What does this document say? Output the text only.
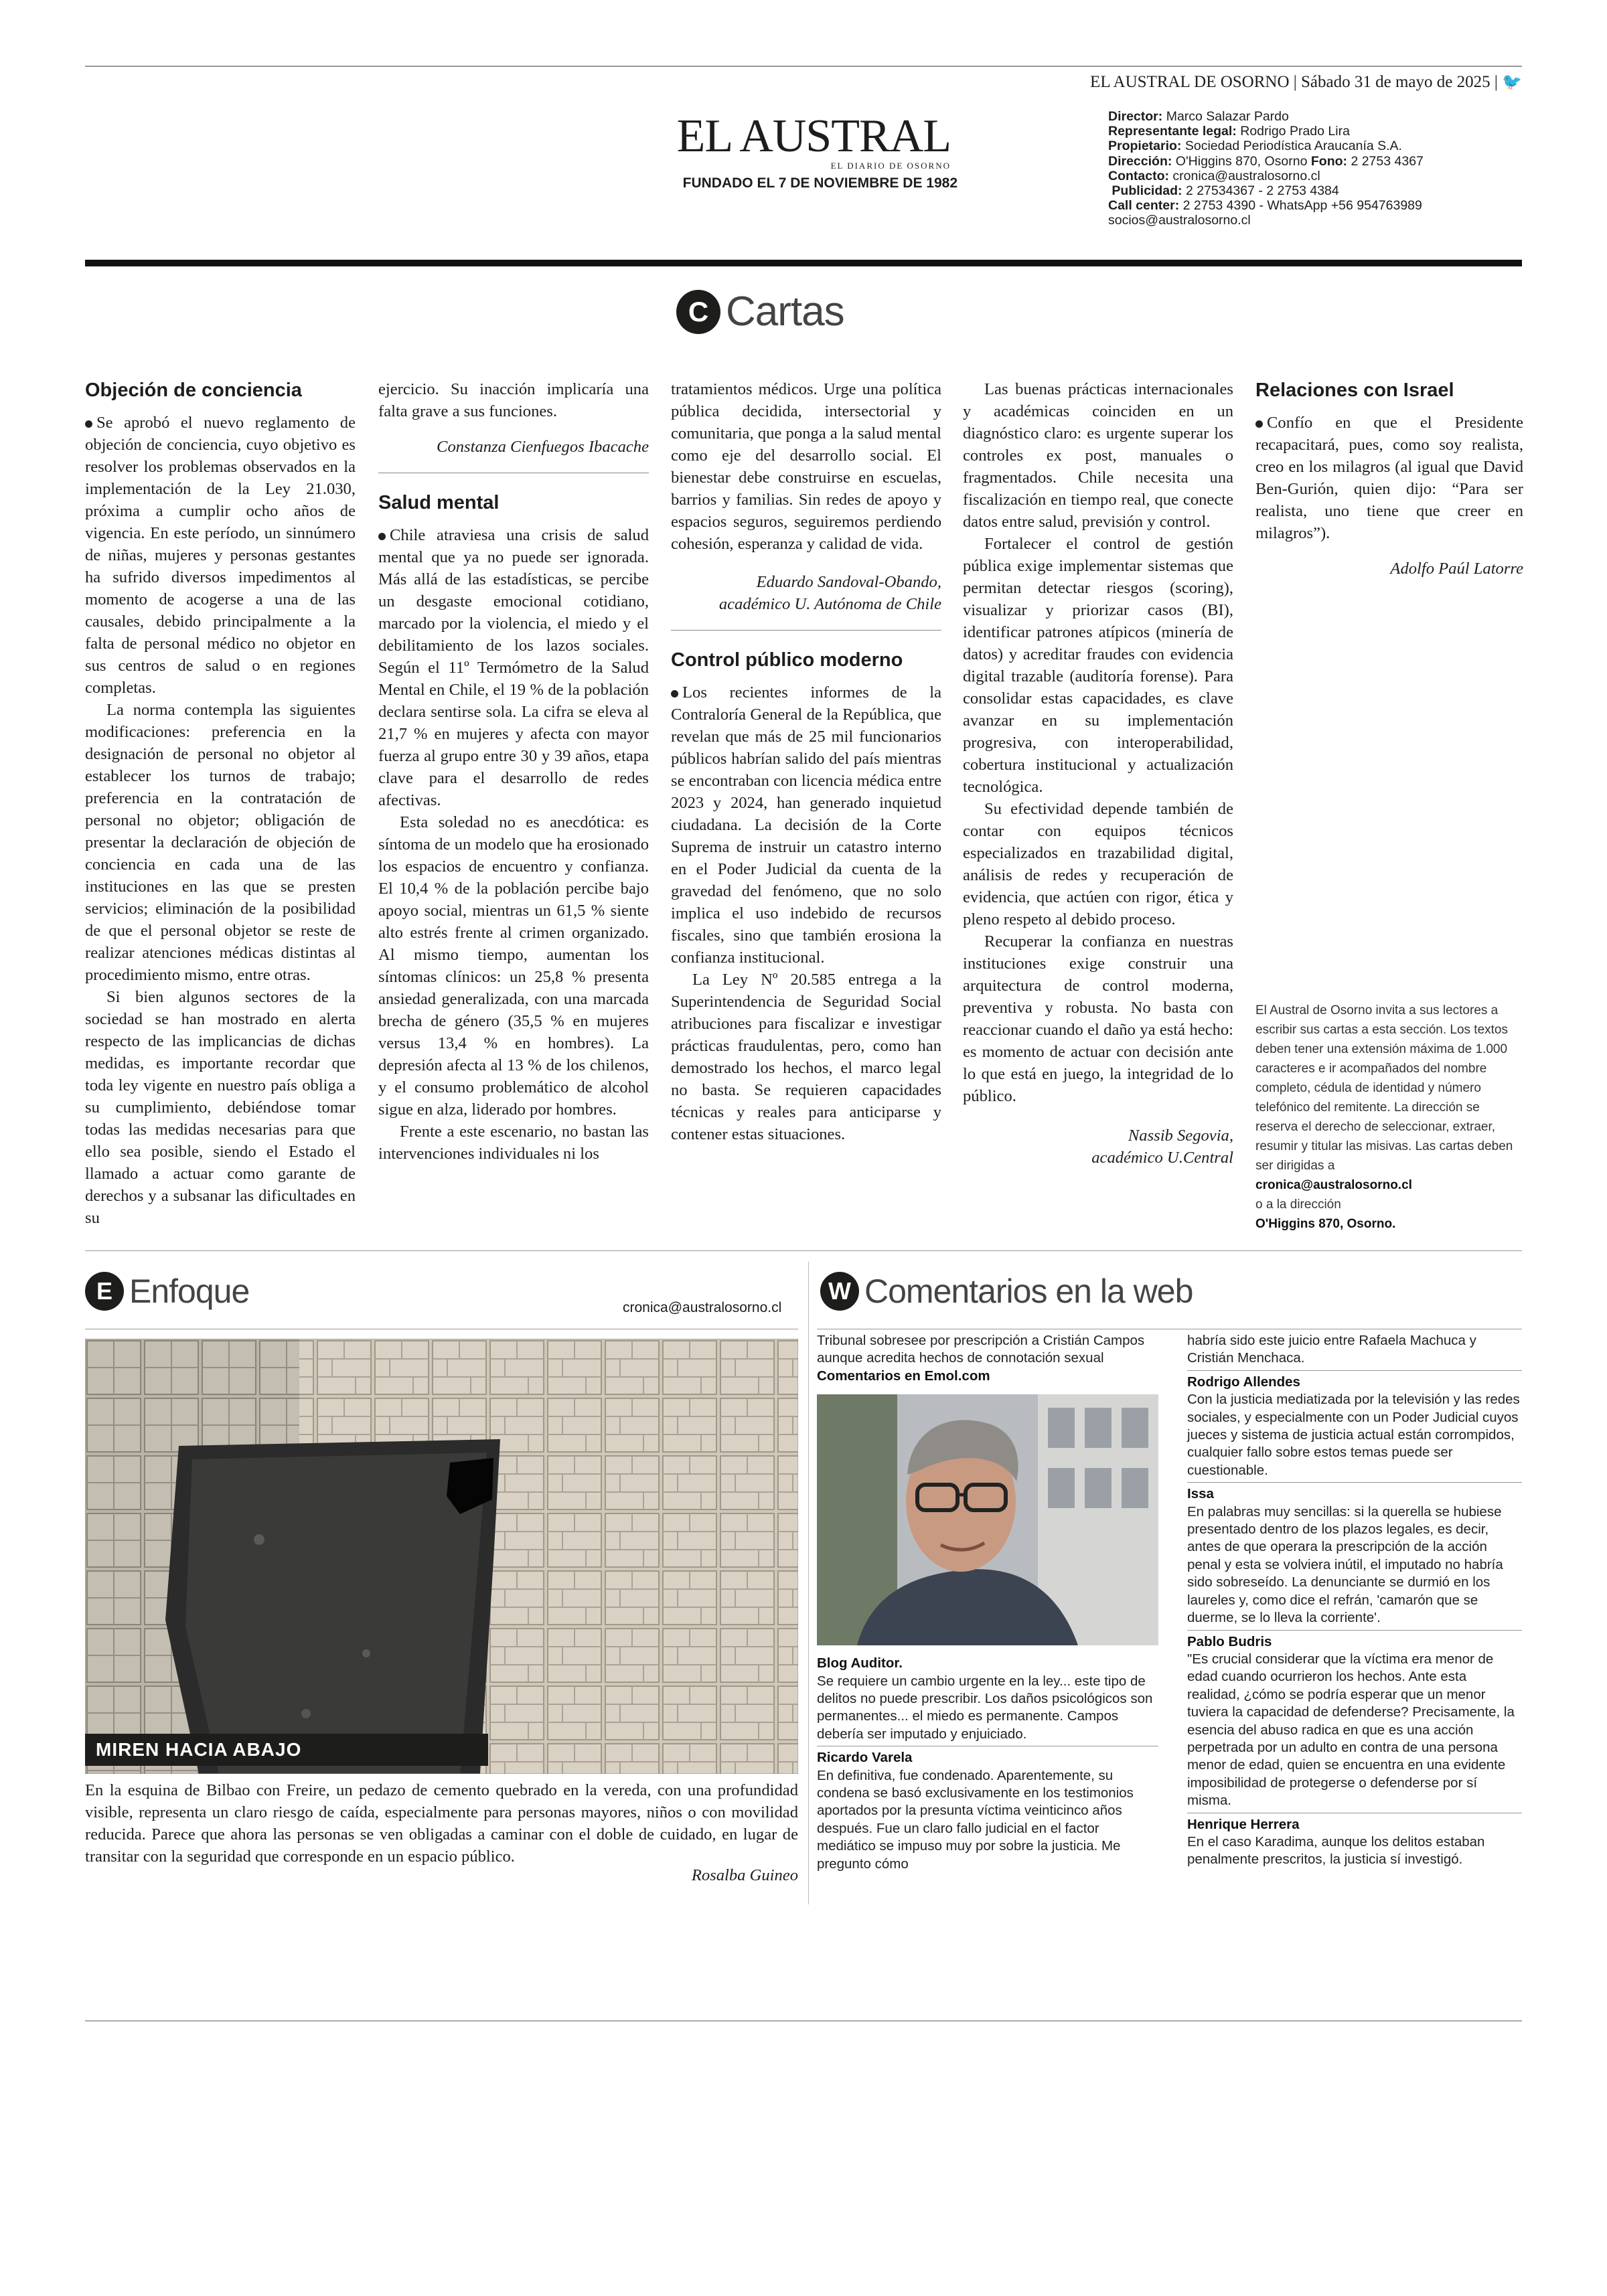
EL AUSTRAL DE OSORNO | Sábado 31 de mayo de 2025 | 🐦
EL AUSTRAL
EL DIARIO DE OSORNO
FUNDADO EL 7 DE NOVIEMBRE DE 1982
Director: Marco Salazar Pardo
Representante legal: Rodrigo Prado Lira
Propietario: Sociedad Periodística Araucanía S.A.
Dirección: O'Higgins 870, Osorno Fono: 2 2753 4367
Contacto: cronica@australosorno.cl
Publicidad: 2 27534367 - 2 2753 4384
Call center: 2 2753 4390 - WhatsApp +56 954763989
socios@australosorno.cl
C Cartas
Objeción de conciencia

Se aprobó el nuevo reglamento de objeción de conciencia, cuyo objetivo es resolver los problemas observados en la implementación de la Ley 21.030, próxima a cumplir ocho años de vigencia. En este período, un sinnúmero de niñas, mujeres y personas gestantes ha sufrido diversos impedimentos al momento de acogerse a una de las causales, debido principalmente a la falta de personal médico no objetor en sus centros de salud o en regiones completas.

La norma contempla las siguientes modificaciones: preferencia en la designación de personal no objetor al establecer los turnos de trabajo; preferencia en la contratación de personal no objetor; obligación de presentar la declaración de objeción de conciencia en cada una de las instituciones en las que se presten servicios; eliminación de la posibilidad de que el personal objetor se reste de realizar atenciones médicas distintas al procedimiento mismo, entre otras.

Si bien algunos sectores de la sociedad se han mostrado en alerta respecto de las implicancias de dichas medidas, es importante recordar que toda ley vigente en nuestro país obliga a su cumplimiento, debiéndose tomar todas las medidas necesarias para que ello sea posible, siendo el Estado el llamado a actuar como garante de derechos y a subsanar las dificultades en su

ejercicio. Su inacción implicaría una falta grave a sus funciones.

Constanza Cienfuegos Ibacache

Salud mental

Chile atraviesa una crisis de salud mental que ya no puede ser ignorada. Más allá de las estadísticas, se percibe un desgaste emocional cotidiano, marcado por la violencia, el miedo y el debilitamiento de los lazos sociales. Según el 11º Termómetro de la Salud Mental en Chile, el 19 % de la población declara sentirse sola. La cifra se eleva al 21,7 % en mujeres y afecta con mayor fuerza al grupo entre 30 y 39 años, etapa clave para el desarrollo de redes afectivas.

Esta soledad no es anecdótica: es síntoma de un modelo que ha erosionado los espacios de encuentro y confianza. El 10,4 % de la población percibe bajo apoyo social, mientras un 61,5 % siente alto estrés frente al crimen organizado. Al mismo tiempo, aumentan los síntomas clínicos: un 25,8 % presenta ansiedad generalizada, con una marcada brecha de género (35,5 % en mujeres versus 13,4 % en hombres). La depresión afecta al 13 % de los chilenos, y el consumo problemático de alcohol sigue en alza, liderado por hombres.

Frente a este escenario, no bastan las intervenciones individuales ni los

tratamientos médicos. Urge una política pública decidida, intersectorial y comunitaria, que ponga a la salud mental como eje del desarrollo social. El bienestar debe construirse en escuelas, barrios y familias. Sin redes de apoyo y espacios seguros, seguiremos perdiendo cohesión, esperanza y calidad de vida.

Eduardo Sandoval-Obando,

académico U. Autónoma de Chile

Control público moderno

Los recientes informes de la Contraloría General de la República, que revelan que más de 25 mil funcionarios públicos habrían salido del país mientras se encontraban con licencia médica entre 2023 y 2024, han generado inquietud ciudadana. La decisión de la Corte Suprema de instruir un catastro interno en el Poder Judicial da cuenta de la gravedad del fenómeno, que no solo implica el uso indebido de recursos fiscales, sino que también erosiona la confianza institucional.

La Ley Nº 20.585 entrega a la Superintendencia de Seguridad Social atribuciones para fiscalizar e investigar prácticas fraudulentas, pero, como han demostrado los hechos, el marco legal no basta. Se requieren capacidades técnicas y reales para anticiparse y contener estas situaciones.

Las buenas prácticas internacionales y académicas coinciden en un diagnóstico claro: es urgente superar los controles ex post, manuales o fragmentados. Chile necesita una fiscalización en tiempo real, que conecte datos entre salud, previsión y control.

Fortalecer el control de gestión pública exige implementar sistemas que permitan detectar riesgos (scoring), visualizar y priorizar casos (BI), identificar patrones atípicos (minería de datos) y acreditar fraudes con evidencia digital trazable (auditoría forense). Para consolidar estas capacidades, es clave avanzar en su implementación progresiva, con interoperabilidad, cobertura institucional y actualización tecnológica.

Su efectividad depende también de contar con equipos técnicos especializados en trazabilidad digital, análisis de redes y recuperación de evidencia, que actúen con rigor, ética y pleno respeto al debido proceso.

Recuperar la confianza en nuestras instituciones exige construir una arquitectura de control moderna, preventiva y robusta. No basta con reaccionar cuando el daño ya está hecho: es momento de actuar con decisión ante lo que está en juego, la integridad de lo público.

Nassib Segovia,

académico U.Central

Relaciones con Israel

Confío en que el Presidente recapacitará, pues, como soy realista, creo en los milagros (al igual que David Ben-Gurión, quien dijo: “Para ser realista, uno tiene que creer en milagros”).

Adolfo Paúl Latorre

El Austral de Osorno invita a sus lectores a escribir sus cartas a esta sección. Los textos deben tener una extensión máxima de 1.000 caracteres e ir acompañados del nombre completo, cédula de identidad y número telefónico del remitente. La dirección se reserva el derecho de seleccionar, extraer, resumir y titular las misivas. Las cartas deben ser dirigidas a
cronica@australosorno.cl
o a la dirección
O'Higgins 870, Osorno.
E Enfoque	cronica@australosorno.cl
MIREN HACIA ABAJO
En la esquina de Bilbao con Freire, un pedazo de cemento quebrado en la vereda, con una profundidad visible, representa un claro riesgo de caída, especialmente para personas mayores, niños o con movilidad reducida. Parece que ahora las personas se ven obligadas a caminar con el doble de cuidado, en lugar de transitar con la seguridad que corresponde en un espacio público.
Rosalba Guineo
W Comentarios en la web
Tribunal sobresee por prescripción a Cristián Campos aunque acredita hechos de connotación sexual
Comentarios en Emol.com
Blog Auditor.
Se requiere un cambio urgente en la ley... este tipo de delitos no puede prescribir. Los daños psicológicos son permanentes... el miedo es permanente. Campos debería ser imputado y enjuiciado.
Ricardo Varela
En definitiva, fue condenado. Aparentemente, su condena se basó exclusivamente en los testimonios aportados por la presunta víctima veinticinco años después. Fue un claro fallo judicial en el factor mediático se impuso muy por sobre la justicia. Me pregunto cómo
habría sido este juicio entre Rafaela Machuca y Cristián Menchaca.
Rodrigo Allendes
Con la justicia mediatizada por la televisión y las redes sociales, y especialmente con un Poder Judicial cuyos jueces y sistema de justicia actual están corrompidos, cualquier fallo sobre estos temas puede ser cuestionable.
Issa
En palabras muy sencillas: si la querella se hubiese presentado dentro de los plazos legales, es decir, antes de que operara la prescripción de la acción penal y esta se volviera inútil, el imputado no habría sido sobreseído. La denunciante se durmió en los laureles y, como dice el refrán, 'camarón que se duerme, se lo lleva la corriente'.
Pablo Budris
"Es crucial considerar que la víctima era menor de edad cuando ocurrieron los hechos. Ante esta realidad, ¿cómo se podría esperar que un menor tuviera la capacidad de defenderse? Precisamente, la esencia del abuso radica en que es una acción perpetrada por un adulto en contra de una persona menor de edad, quien se encuentra en una evidente imposibilidad de protegerse o defenderse por sí misma.
Henrique Herrera
En el caso Karadima, aunque los delitos estaban penalmente prescritos, la justicia sí investigó.
